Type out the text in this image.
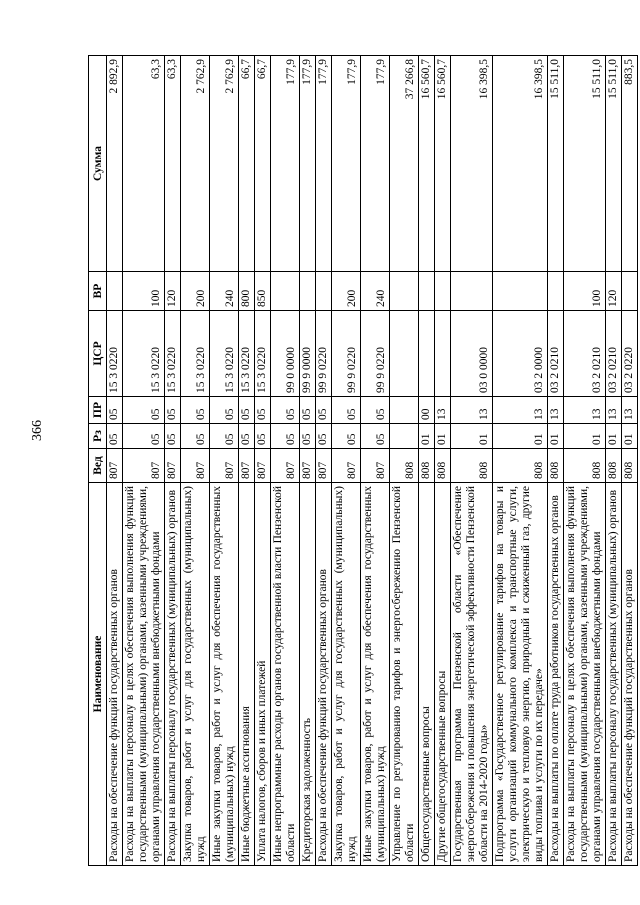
366
Наименование	Вед	Рз	ПР	ЦСР	ВР	Сумма
Расходы на обеспечение функций государственных органов	807	05	05	15 3 0220		2 892,9
Расходы на выплаты персоналу в целях обеспечения выполнения функций государственными (муниципальными) органами, казенными учреждениями, органами управления государственными внебюджетными фондами	807	05	05	15 3 0220	100	63,3
Расходы на выплаты персоналу государственных (муниципальных) органов	807	05	05	15 3 0220	120	63,3
Закупка товаров, работ и услуг для государственных (муниципальных) нужд	807	05	05	15 3 0220	200	2 762,9
Иные закупки товаров, работ и услуг для обеспечения государственных (муниципальных) нужд	807	05	05	15 3 0220	240	2 762,9
Иные бюджетные ассигнования	807	05	05	15 3 0220	800	66,7
Уплата налогов, сборов и иных платежей	807	05	05	15 3 0220	850	66,7
Иные непрограммные расходы органов государственной власти Пензенской области	807	05	05	99 0 0000		177,9
Кредиторская задолженность	807	05	05	99 9 0000		177,9
Расходы на обеспечение функций государственных органов	807	05	05	99 9 0220		177,9
Закупка товаров, работ и услуг для государственных (муниципальных) нужд	807	05	05	99 9 0220	200	177,9
Иные закупки товаров, работ и услуг для обеспечения государственных (муниципальных) нужд	807	05	05	99 9 0220	240	177,9
Управление по регулированию тарифов и энергосбережению Пензенской области	808					37 266,8
Общегосударственные вопросы	808	01	00			16 560,7
Другие общегосударственные вопросы	808	01	13			16 560,7
Государственная программа Пензенской области «Обеспечение энергосбережения и повышения энергетической эффективности Пензенской области на 2014-2020 годы»	808	01	13	03 0 0000		16 398,5
Подпрограмма «Государственное регулирование тарифов на товары и услуги организаций коммунального комплекса и транспортные услуги, электрическую и тепловую энергию, природный и сжиженный газ, другие виды топлива и услуги по их передаче»	808	01	13	03 2 0000		16 398,5
Расходы на выплаты по оплате труда работников государственных органов	808	01	13	03 2 0210		15 511,0
Расходы на выплаты персоналу в целях обеспечения выполнения функций государственными (муниципальными) органами, казенными учреждениями, органами управления государственными внебюджетными фондами	808	01	13	03 2 0210	100	15 511,0
Расходы на выплаты персоналу государственных (муниципальных) органов	808	01	13	03 2 0210	120	15 511,0
Расходы на обеспечение функций государственных органов	808	01	13	03 2 0220		883,5
